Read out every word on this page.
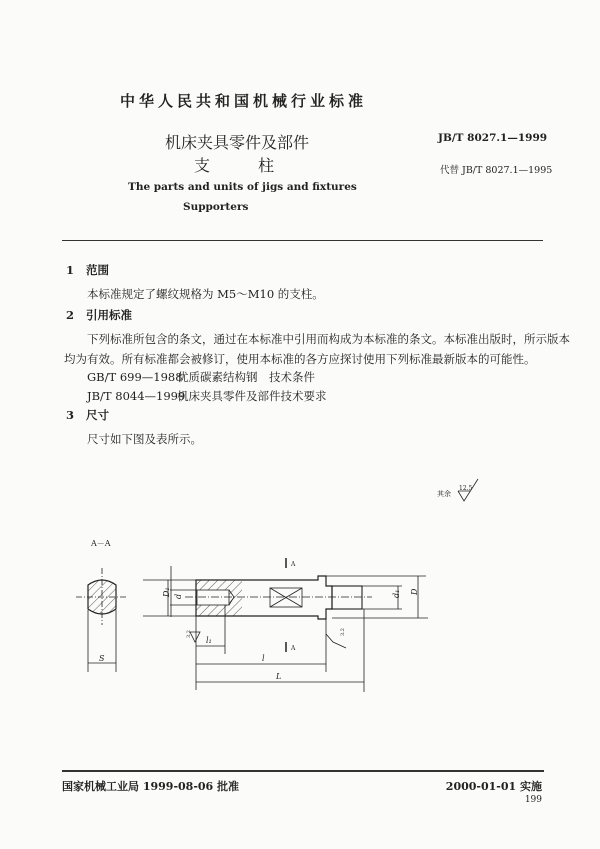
中华人民共和国机械行业标准
机床夹具零件及部件
支　　　柱
The parts and units of jigs and fixtures
Supporters
JB/T 8027.1—1999
代替 JB/T 8027.1—1995
1 范围
本标准规定了螺纹规格为 M5～M10 的支柱。
2 引用标准
下列标准所包含的条文，通过在本标准中引用而构成为本标准的条文。本标准出版时，所示版本
均为有效。所有标准都会被修订，使用本标准的各方应探讨使用下列标准最新版本的可能性。
GB/T 699—1988优质碳素结构钢　技术条件
JB/T 8044—1999机床夹具零件及部件技术要求
3 尺寸
尺寸如下图及表所示。
其余
12.5
A－A
S
D₁ d	d₁ D
l₁
l
L
A
A
3.2	3.2
国家机械工业局 1999-08-06 批准	2000-01-01 实施
199
